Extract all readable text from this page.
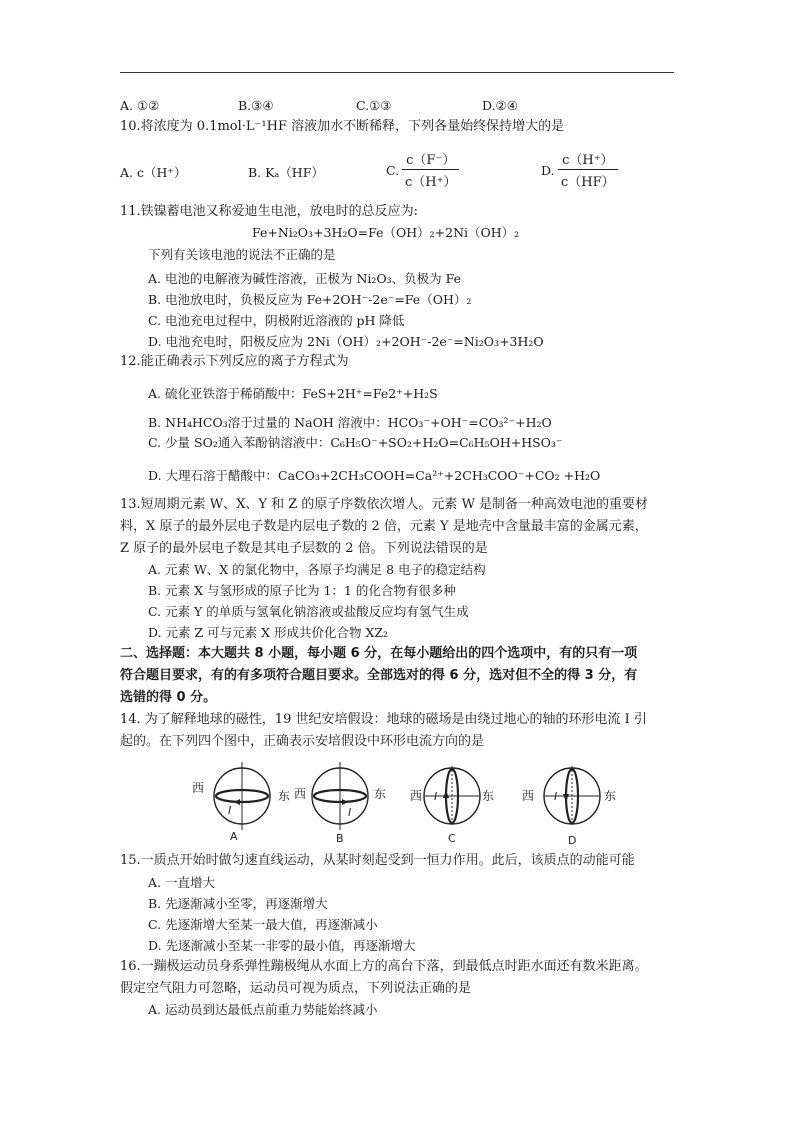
A. ①②	B.③④	C.①③	D.②④
10.将浓度为 0.1mol·L⁻¹HF 溶液加水不断稀释，下列各量始终保持增大的是
A. c（H⁺）	B. Kₐ（HF）	C.
c（F⁻）
c（H⁺）
D.
c（H⁺）
c（HF）
11.铁镍蓄电池又称爱迪生电池，放电时的总反应为:
Fe+Ni₂O₃+3H₂O=Fe（OH）₂+2Ni（OH）₂
下列有关该电池的说法不正确的是
A. 电池的电解液为碱性溶液，正极为 Ni₂O₃、负极为 Fe
B. 电池放电时，负极反应为 Fe+2OH⁻-2e⁻=Fe（OH）₂
C. 电池充电过程中，阴极附近溶液的 pH 降低
D. 电池充电时，阳极反应为 2Ni（OH）₂+2OH⁻-2e⁻=Ni₂O₃+3H₂O
12.能正确表示下列反应的离子方程式为
A. 硫化亚铁溶于稀硝酸中：FeS+2H⁺=Fe2⁺+H₂S
B. NH₄HCO₃溶于过量的 NaOH 溶液中：HCO₃⁻+OH⁻=CO₃²⁻+H₂O
C. 少量 SO₂通入苯酚钠溶液中：C₆H₅O⁻+SO₂+H₂O=C₆H₅OH+HSO₃⁻
D. 大理石溶于醋酸中：CaCO₃+2CH₃COOH=Ca²⁺+2CH₃COO⁻+CO₂ +H₂O
13.短周期元素 W、X、Y 和 Z 的原子序数依次增人。元素 W 是制备一种高效电池的重要材
料，X 原子的最外层电子数是内层电子数的 2 倍，元素 Y 是地壳中含量最丰富的金属元素，
Z 原子的最外层电子数是其电子层数的 2 倍。下列说法错误的是
A. 元素 W、X 的氯化物中，各原子均满足 8 电子的稳定结构
B. 元素 X 与氢形成的原子比为 1：1 的化合物有很多种
C. 元素 Y 的单质与氢氧化钠溶液或盐酸反应均有氢气生成
D. 元素 Z 可与元素 X 形成共价化合物 XZ₂
二、选择题：本大题共 8 小题，每小题 6 分，在每小题给出的四个选项中，有的只有一项
符合题目要求，有的有多项符合题目要求。全部选对的得 6 分，选对但不全的得 3 分，有
选错的得 0 分。
14. 为了解释地球的磁性，19 世纪安培假设：地球的磁场是由绕过地心的轴的环形电流 I 引
起的。在下列四个图中，正确表示安培假设中环形电流方向的是
西
东
I
A
西	东
I
B
西	东
I
C
西	东
I
D
15.一质点开始时做匀速直线运动，从某时刻起受到一恒力作用。此后，该质点的动能可能
A. 一直增大
B. 先逐渐减小至零，再逐渐增大
C. 先逐渐增大至某一最大值，再逐渐减小
D. 先逐渐减小至某一非零的最小值，再逐渐增大
16.一蹦极运动员身系弹性蹦极绳从水面上方的高台下落，到最低点时距水面还有数米距离。
假定空气阻力可忽略，运动员可视为质点，下列说法正确的是
A. 运动员到达最低点前重力势能始终减小
